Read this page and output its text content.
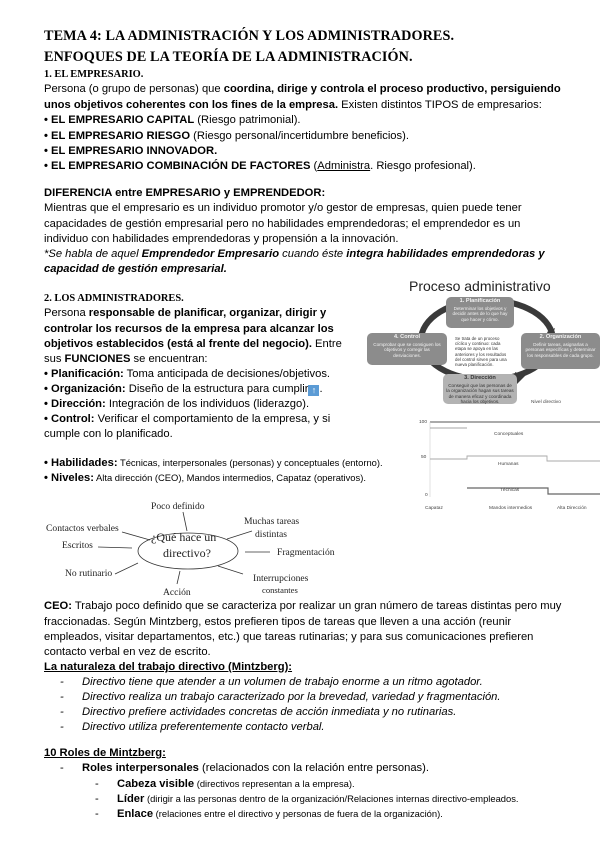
TEMA 4: LA ADMINISTRACIÓN Y LOS ADMINISTRADORES.
ENFOQUES DE LA TEORÍA DE LA ADMINISTRACIÓN.
1. EL EMPRESARIO.
Persona (o grupo de personas) que coordina, dirige y controla el proceso productivo, persiguiendo
unos objetivos coherentes con los fines de la empresa. Existen distintos TIPOS de empresarios:
• EL EMPRESARIO CAPITAL (Riesgo patrimonial).
• EL EMPRESARIO RIESGO (Riesgo personal/incertidumbre beneficios).
• EL EMPRESARIO INNOVADOR.
• EL EMPRESARIO COMBINACIÓN DE FACTORES (Administra. Riesgo profesional).
DIFERENCIA entre EMPRESARIO y EMPRENDEDOR:
Mientras que el empresario es un individuo promotor y/o gestor de empresas, quien puede tener
capacidades de gestión empresarial pero no habilidades emprendedoras; el emprendedor es un
individuo con habilidades emprendedoras y propensión a la innovación.
*Se habla de aquel Emprendedor Empresario cuando éste integra habilidades emprendedoras y
capacidad de gestión empresarial.
2. LOS ADMINISTRADORES.
Persona responsable de planificar, organizar, dirigir y
controlar los recursos de la empresa para alcanzar los
objetivos establecidos (está al frente del negocio). Entre
sus FUNCIONES se encuentran:
• Planificación: Toma anticipada de decisiones/objetivos.
• Organización: Diseño de la estructura para cumplir ↑ .
• Dirección: Integración de los individuos (liderazgo).
• Control: Verificar el comportamiento de la empresa, y si
cumple con lo planificado.
• Habilidades: Técnicas, interpersonales (personas) y conceptuales (entorno).
• Niveles: Alta dirección (CEO), Mandos intermedios, Capataz (operativos).
Proceso administrativo
1. Planificación
Determinar los objetivos y decidir antes de lo que hay que hacer y cómo.
2. Organización
Definir tareas, asignarlas a personas específicas y determinar los responsables de cada grupo.
3. Dirección
Conseguir que las personas de la organización hagan sus tareas de manera eficaz y coordinada hacia los objetivos.
4. Control
Comprobar que se consiguen los objetivos y corregir las desviaciones.
Se trata de un proceso cíclico y continuo: cada etapa se apoya en las anteriores y los resultados del control sirven para una nueva planificación.
Nivel directivo
100
50
0
Conceptuales
Humanas
Técnicas
Capataz	Mandos intermedios	Alta Dirección
¿Qué hace un
directivo?
Poco definido
Muchas tareas
distintas
Fragmentación
Interrupciones
constantes
Acción
No rutinario
Escritos
Contactos verbales
CEO: Trabajo poco definido que se caracteriza por realizar un gran número de tareas distintas pero muy
fraccionadas. Según Mintzberg, estos prefieren tipos de tareas que lleven a una acción (reunir
empleados, visitar departamentos, etc.) que tareas rutinarias; y para sus comunicaciones prefieren
contacto verbal en vez de escrito.
La naturaleza del trabajo directivo (Mintzberg):
- Directivo tiene que atender a un volumen de trabajo enorme a un ritmo agotador.
- Directivo realiza un trabajo caracterizado por la brevedad, variedad y fragmentación.
- Directivo prefiere actividades concretas de acción inmediata y no rutinarias.
- Directivo utiliza preferentemente contacto verbal.
10 Roles de Mintzberg:
- Roles interpersonales (relacionados con la relación entre personas).
- Cabeza visible (directivos representan a la empresa).
- Líder (dirigir a las personas dentro de la organización/Relaciones internas directivo-empleados.
- Enlace (relaciones entre el directivo y personas de fuera de la organización).
